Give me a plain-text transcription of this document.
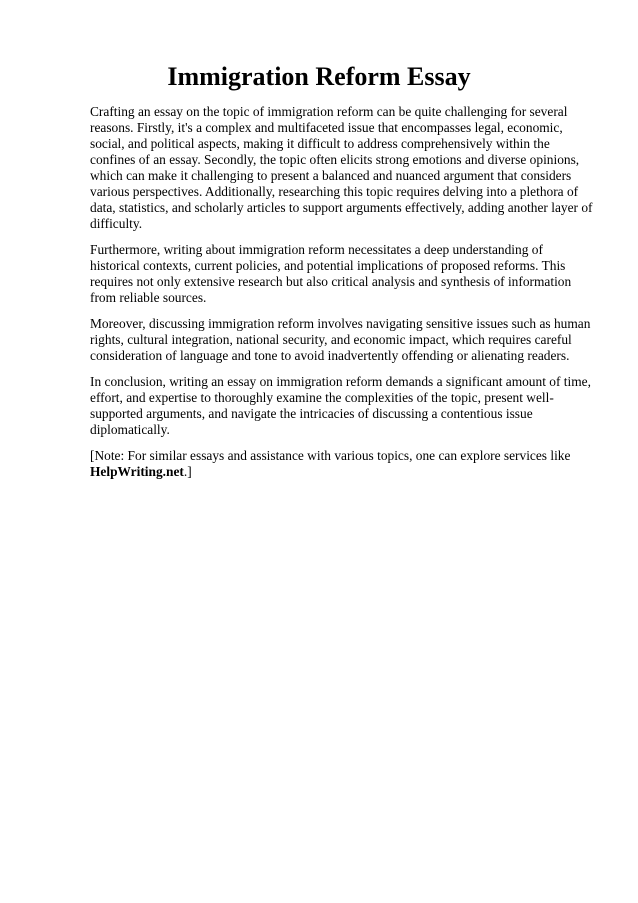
Immigration Reform Essay

Crafting an essay on the topic of immigration reform can be quite challenging for several reasons. Firstly, it's a complex and multifaceted issue that encompasses legal, economic, social, and political aspects, making it difficult to address comprehensively within the confines of an essay. Secondly, the topic often elicits strong emotions and diverse opinions, which can make it challenging to present a balanced and nuanced argument that considers various perspectives. Additionally, researching this topic requires delving into a plethora of data, statistics, and scholarly articles to support arguments effectively, adding another layer of difficulty.

Furthermore, writing about immigration reform necessitates a deep understanding of historical contexts, current policies, and potential implications of proposed reforms. This requires not only extensive research but also critical analysis and synthesis of information from reliable sources.

Moreover, discussing immigration reform involves navigating sensitive issues such as human rights, cultural integration, national security, and economic impact, which requires careful consideration of language and tone to avoid inadvertently offending or alienating readers.

In conclusion, writing an essay on immigration reform demands a significant amount of time, effort, and expertise to thoroughly examine the complexities of the topic, present well-supported arguments, and navigate the intricacies of discussing a contentious issue diplomatically.

[Note: For similar essays and assistance with various topics, one can explore services like HelpWriting.net.]
